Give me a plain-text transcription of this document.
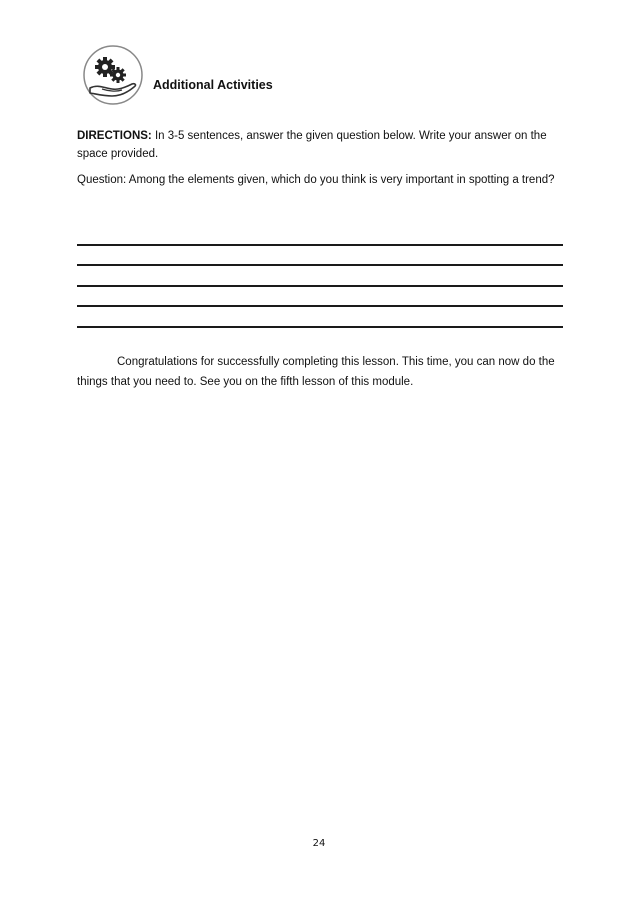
Additional Activities

DIRECTIONS: In 3-5 sentences, answer the given question below. Write your answer on the space provided.

Question: Among the elements given, which do you think is very important in spotting a trend?

Congratulations for successfully completing this lesson. This time, you can now do the things that you need to. See you on the fifth lesson of this module.

24
